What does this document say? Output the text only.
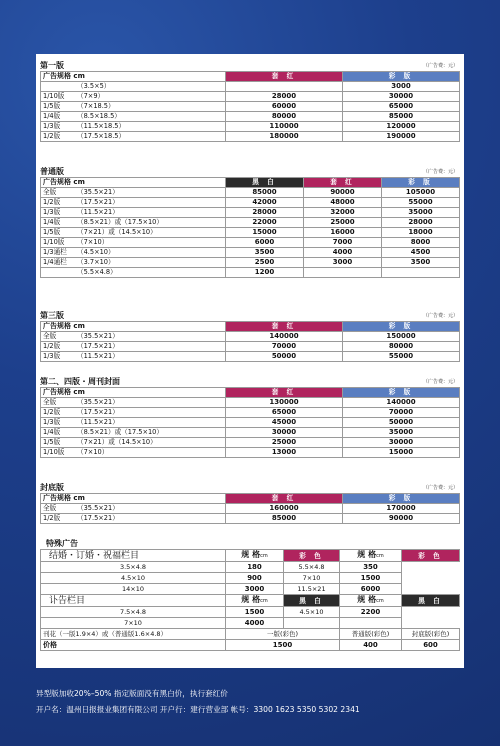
第一版	（广告费：元）
广告规格 cm	套 红	彩 版
（3.5×5）		3000
1/10版 （7×9）	28000	30000
1/5版 （7×18.5）	60000	65000
1/4版 （8.5×18.5）	80000	85000
1/3版 （11.5×18.5）	110000	120000
1/2版 （17.5×18.5）	180000	190000
普通版	（广告费：元）
广告规格 cm	黑 白	套 红	彩 版
全版 （35.5×21）	85000	90000	105000
1/2版 （17.5×21）	42000	48000	55000
1/3版 （11.5×21）	28000	32000	35000
1/4版 （8.5×21）或（17.5×10）	22000	25000	28000
1/5版 （7×21）或（14.5×10）	15000	16000	18000
1/10版 （7×10）	6000	7000	8000
1/3通栏 （4.5×10）	3500	4000	4500
1/4通栏 （3.7×10）	2500	3000	3500
（5.5×4.8）	1200		
第三版	（广告费：元）
广告规格 cm	套 红	彩 版
全版 （35.5×21）	140000	150000
1/2版 （17.5×21）	70000	80000
1/3版 （11.5×21）	50000	55000
第二、四版・周刊封面	（广告费：元）
广告规格 cm	套 红	彩 版
全版 （35.5×21）	130000	140000
1/2版 （17.5×21）	65000	70000
1/3版 （11.5×21）	45000	50000
1/4版 （8.5×21）或（17.5×10）	30000	35000
1/5版 （7×21）或（14.5×10）	25000	30000
1/10版 （7×10）	13000	15000
封底版	（广告费：元）
广告规格 cm	套 红	彩 版
全版 （35.5×21）	160000	170000
1/2版 （17.5×21）	85000	90000
特殊广告
结婚・订婚・祝福栏目	规 格cm	彩 色	规 格cm	彩 色
3.5×4.8	180	5.5×4.8	350	
4.5×10	900	7×10	1500	
14×10	3000	11.5×21	6000	
讣告栏目	规 格cm	黑 白	规 格cm	黑 白
7.5×4.8	1500	4.5×10	2200	
7×10	4000			
刊花（一版1.9×4）或（普通版1.6×4.8）	一版(彩色)		普通版(彩色)	封底版(彩色)
价格	1500		400	600
异型版加收20%–50% 指定版面没有黑白价，执行套红价
开户名：温州日报报业集团有限公司 开户行：建行营业部 帐号：3300 1623 5350 5302 2341
